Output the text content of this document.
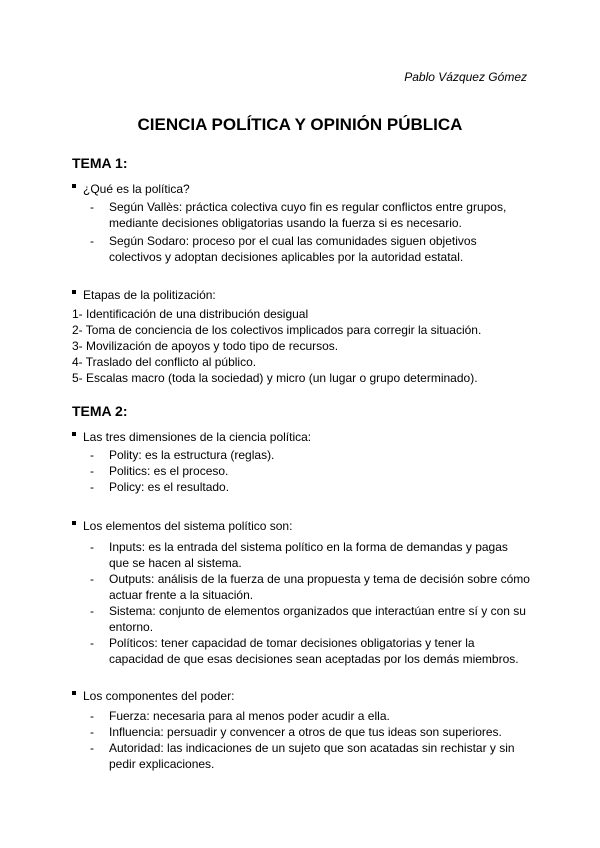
Pablo Vázquez Gómez
CIENCIA POLÍTICA Y OPINIÓN PÚBLICA
TEMA 1:
¿Qué es la política?
-	Según Vallès: práctica colectiva cuyo fin es regular conflictos entre grupos, mediante decisiones obligatorias usando la fuerza si es necesario.
-	Según Sodaro: proceso por el cual las comunidades siguen objetivos colectivos y adoptan decisiones aplicables por la autoridad estatal.
Etapas de la politización:
1- Identificación de una distribución desigual
2- Toma de conciencia de los colectivos implicados para corregir la situación.
3- Movilización de apoyos y todo tipo de recursos.
4- Traslado del conflicto al público.
5- Escalas macro (toda la sociedad) y micro (un lugar o grupo determinado).
TEMA 2:
Las tres dimensiones de la ciencia política:
-	Polity: es la estructura (reglas).
-	Politics: es el proceso.
-	Policy: es el resultado.
Los elementos del sistema político son:
-	Inputs: es la entrada del sistema político en la forma de demandas y pagas que se hacen al sistema.
-	Outputs: análisis de la fuerza de una propuesta y tema de decisión sobre cómo actuar frente a la situación.
-	Sistema: conjunto de elementos organizados que interactúan entre sí y con su entorno.
-	Políticos: tener capacidad de tomar decisiones obligatorias y tener la capacidad de que esas decisiones sean aceptadas por los demás miembros.
Los componentes del poder:
-	Fuerza: necesaria para al menos poder acudir a ella.
-	Influencia: persuadir y convencer a otros de que tus ideas son superiores.
-	Autoridad: las indicaciones de un sujeto que son acatadas sin rechistar y sin pedir explicaciones.
